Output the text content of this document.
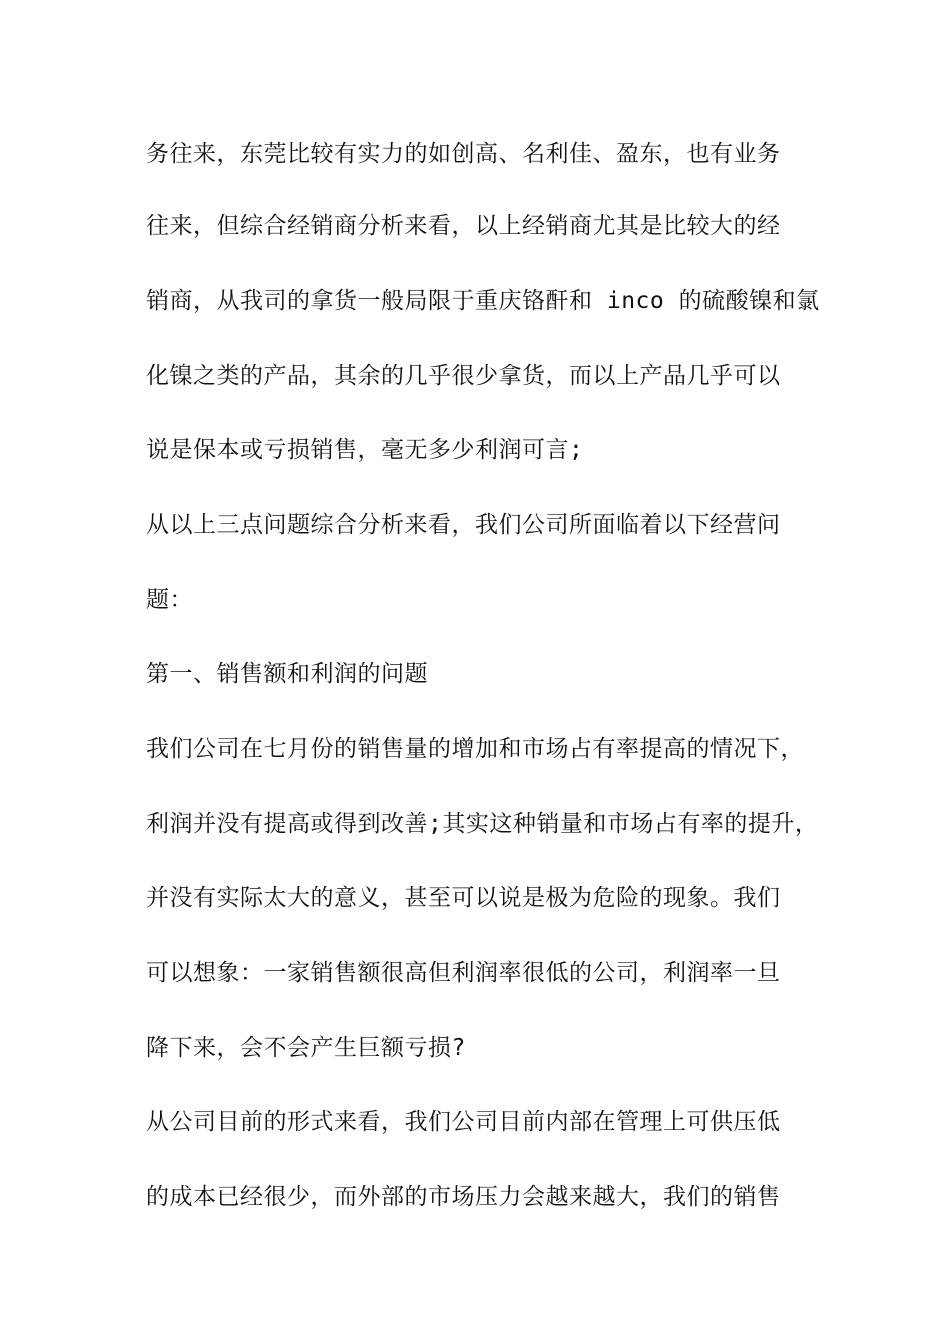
务往来，东莞比较有实力的如创高、名利佳、盈东，也有业务
往来，但综合经销商分析来看，以上经销商尤其是比较大的经
销商，从我司的拿货一般局限于重庆铬酐和 inco 的硫酸镍和氯
化镍之类的产品，其余的几乎很少拿货，而以上产品几乎可以
说是保本或亏损销售，毫无多少利润可言;
从以上三点问题综合分析来看，我们公司所面临着以下经营问
题：
第一、销售额和利润的问题
我们公司在七月份的销售量的增加和市场占有率提高的情况下，
利润并没有提高或得到改善;其实这种销量和市场占有率的提升，
并没有实际太大的意义，甚至可以说是极为危险的现象。我们
可以想象：一家销售额很高但利润率很低的公司，利润率一旦
降下来，会不会产生巨额亏损?
从公司目前的形式来看，我们公司目前内部在管理上可供压低
的成本已经很少，而外部的市场压力会越来越大，我们的销售
